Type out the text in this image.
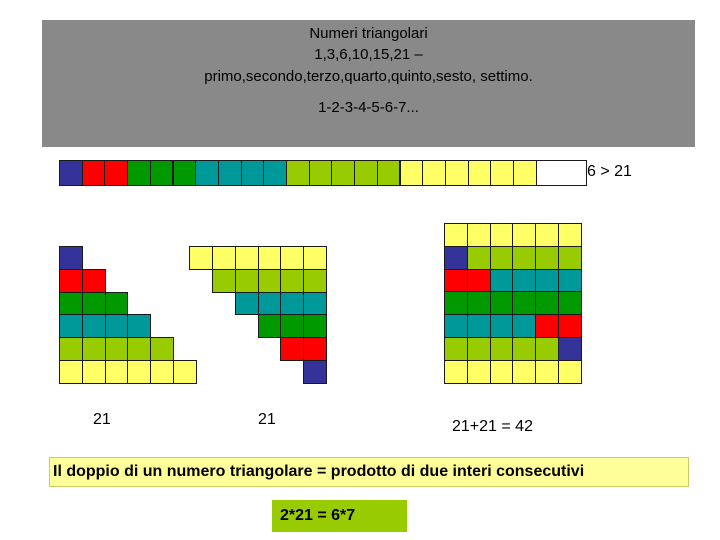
Numeri triangolari
1,3,6,10,15,21 –
primo,secondo,terzo,quarto,quinto,sesto, settimo.
1-2-3-4-5-6-7...
6 > 21
21	21	21+21 = 42
Il doppio di un numero triangolare = prodotto di due interi consecutivi
2*21 = 6*7
